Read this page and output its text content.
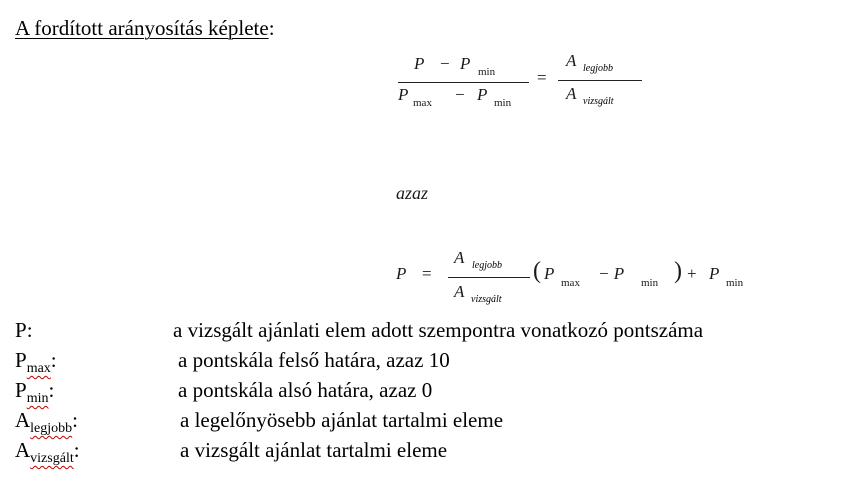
A fordított arányosítás képlete:
P − P min
P max − P min
=
A legjobb
A vizsgált
azaz
P =
A legjobb
A vizsgált
( P max − P min ) + P min
P:	a vizsgált ajánlati elem adott szempontra vonatkozó pontszáma
$P_{max}$:	a pontskála felső határa, azaz 10
$P_{min}$:	a pontskála alsó határa, azaz 0
$A_{legjobb}$:	a legelőnyösebb ajánlat tartalmi eleme
$A_{vizsgált}$:	a vizsgált ajánlat tartalmi eleme
